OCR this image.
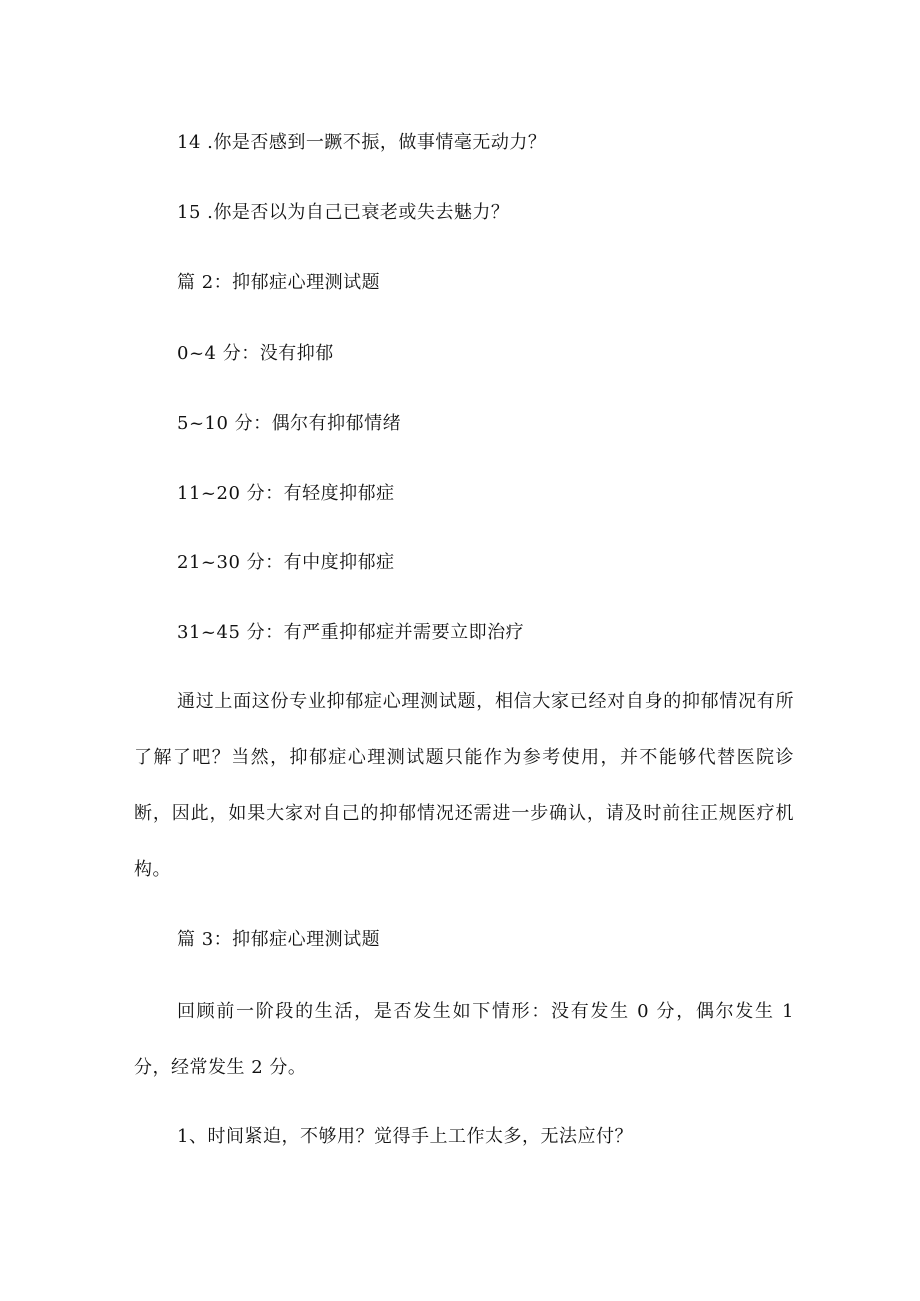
14 .你是否感到一蹶不振，做事情毫无动力？
15 .你是否以为自己已衰老或失去魅力？
篇 2：抑郁症心理测试题
0~4 分：没有抑郁
5~10 分：偶尔有抑郁情绪
11~20 分：有轻度抑郁症
21~30 分：有中度抑郁症
31~45 分：有严重抑郁症并需要立即治疗
通过上面这份专业抑郁症心理测试题，相信大家已经对自身的抑郁情况有所了解了吧？当然，抑郁症心理测试题只能作为参考使用，并不能够代替医院诊断，因此，如果大家对自己的抑郁情况还需进一步确认，请及时前往正规医疗机构。
篇 3：抑郁症心理测试题
回顾前一阶段的生活，是否发生如下情形：没有发生 0 分，偶尔发生 1 分，经常发生 2 分。
1、时间紧迫，不够用？觉得手上工作太多，无法应付？
